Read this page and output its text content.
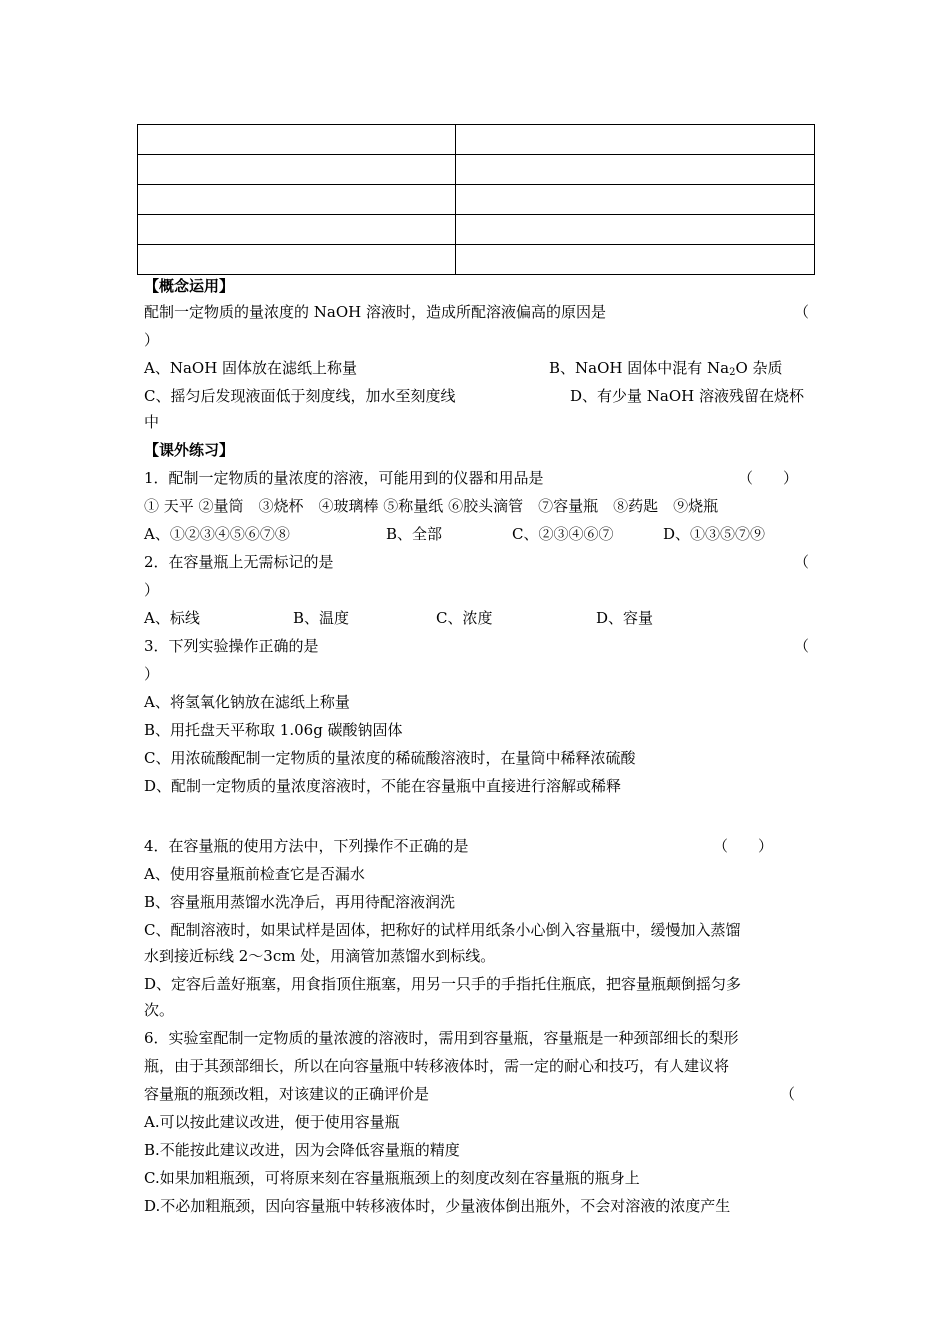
【概念运用】
配制一定物质的量浓度的 NaOH 溶液时，造成所配溶液偏高的原因是	（
）
A、NaOH 固体放在滤纸上称量	B、NaOH 固体中混有 $Na_2O$ 杂质
C、摇匀后发现液面低于刻度线，加水至刻度线	D、有少量 NaOH 溶液残留在烧杯
中
【课外练习】
1．配制一定物质的量浓度的溶液，可能用到的仪器和用品是	（　　）
① 天平 ②量筒　③烧杯　④玻璃棒 ⑤称量纸 ⑥胶头滴管　⑦容量瓶　⑧药匙　⑨烧瓶
A、①②③④⑤⑥⑦⑧	B、全部	C、②③④⑥⑦	D、①③⑤⑦⑨
2．在容量瓶上无需标记的是	（
）
A、标线	B、温度	C、浓度	D、容量
3．下列实验操作正确的是	（
）
A、将氢氧化钠放在滤纸上称量
B、用托盘天平称取 1.06g 碳酸钠固体
C、用浓硫酸配制一定物质的量浓度的稀硫酸溶液时，在量筒中稀释浓硫酸
D、配制一定物质的量浓度溶液时，不能在容量瓶中直接进行溶解或稀释
4．在容量瓶的使用方法中，下列操作不正确的是	（　　）
A、使用容量瓶前检查它是否漏水
B、容量瓶用蒸馏水洗净后，再用待配溶液润洗
C、配制溶液时，如果试样是固体，把称好的试样用纸条小心倒入容量瓶中，缓慢加入蒸馏
水到接近标线 2～3cm 处，用滴管加蒸馏水到标线。
D、定容后盖好瓶塞，用食指顶住瓶塞，用另一只手的手指托住瓶底，把容量瓶颠倒摇匀多
次。
6．实验室配制一定物质的量浓渡的溶液时，需用到容量瓶，容量瓶是一种颈部细长的梨形
瓶，由于其颈部细长，所以在向容量瓶中转移液体时，需一定的耐心和技巧，有人建议将
容量瓶的瓶颈改粗，对该建议的正确评价是	（
A.可以按此建议改进，便于使用容量瓶
B.不能按此建议改进，因为会降低容量瓶的精度
C.如果加粗瓶颈，可将原来刻在容量瓶瓶颈上的刻度改刻在容量瓶的瓶身上
D.不必加粗瓶颈，因向容量瓶中转移液体时，少量液体倒出瓶外，不会对溶液的浓度产生
